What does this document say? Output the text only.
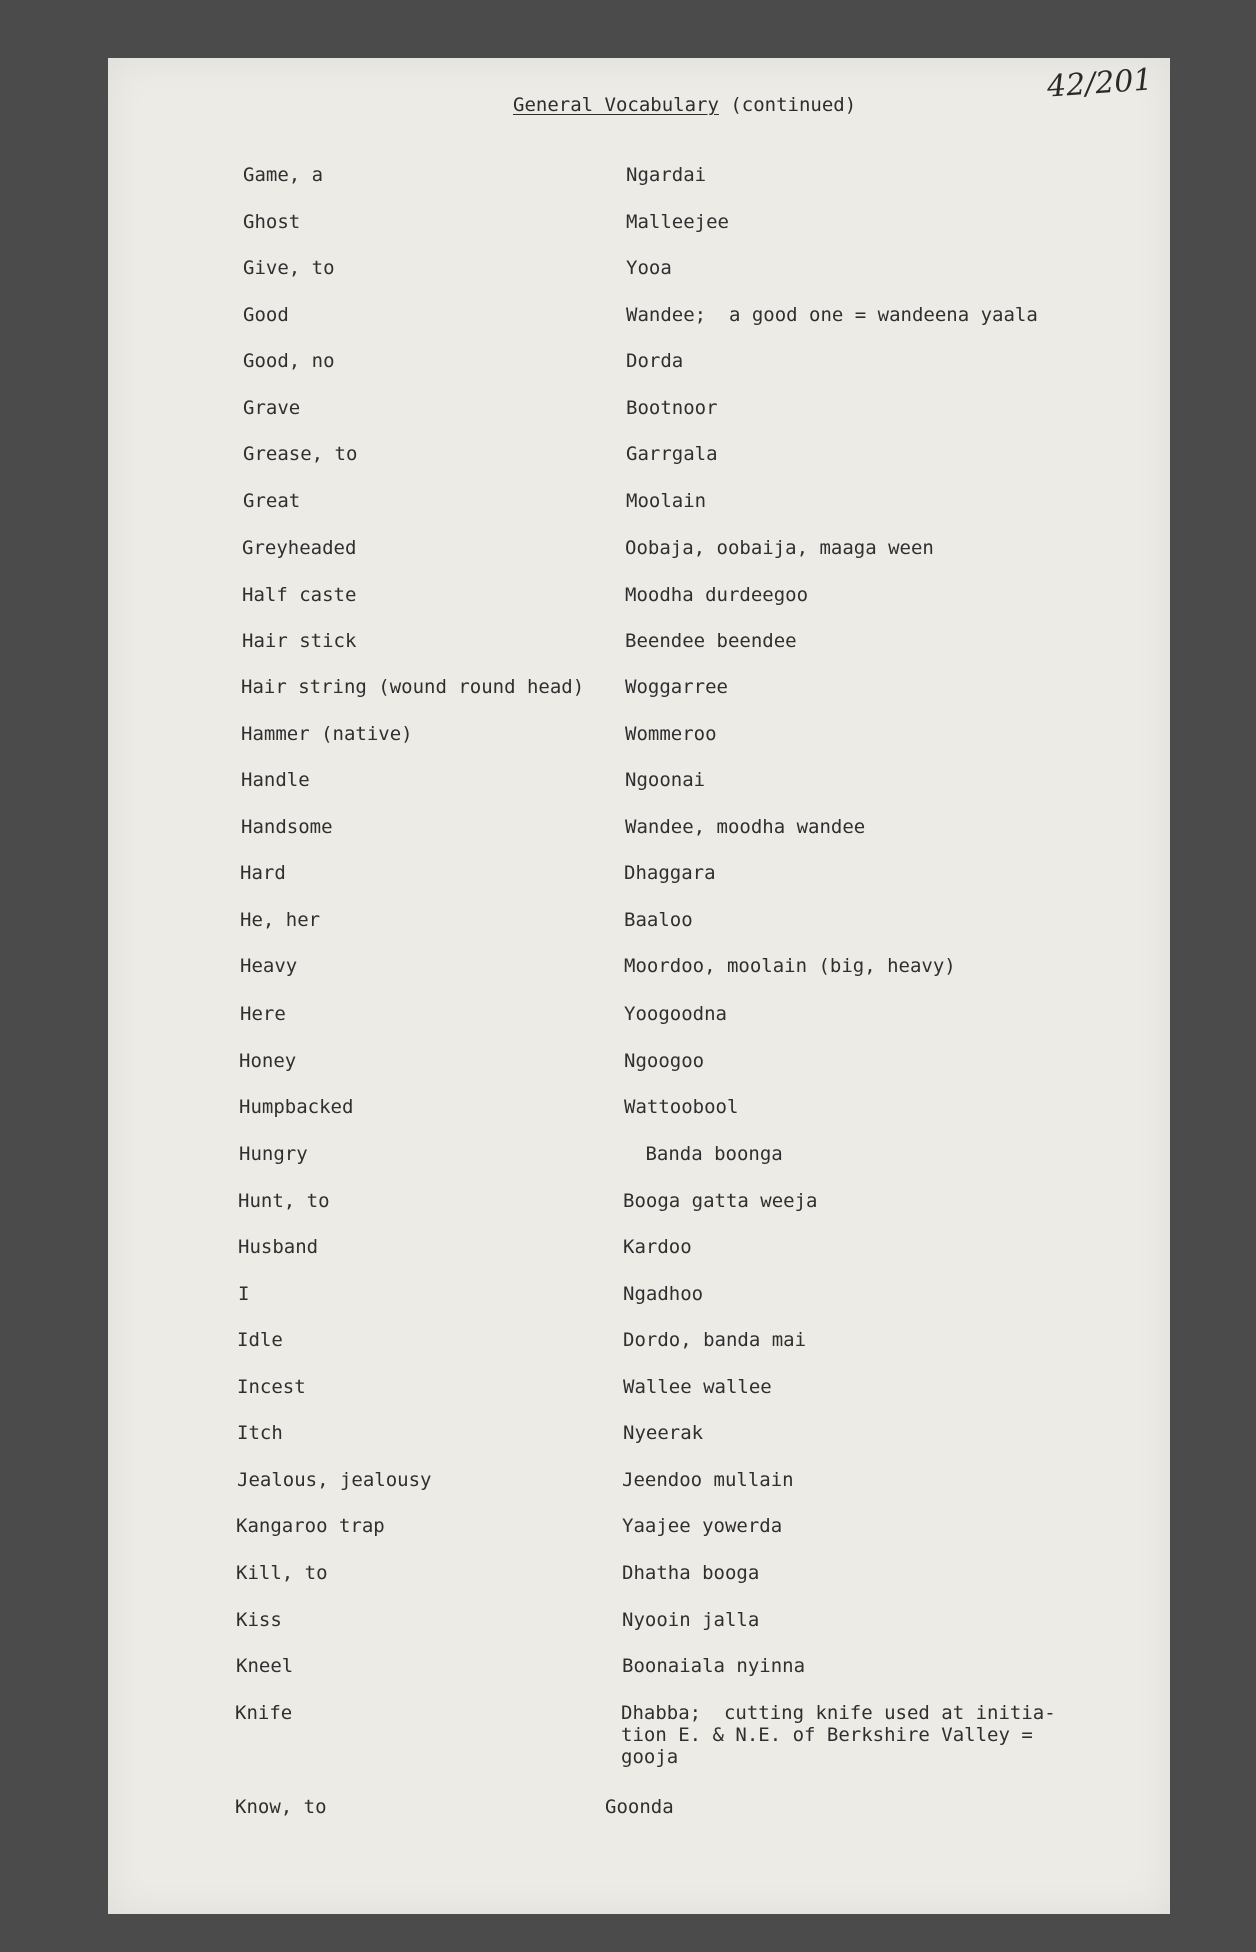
42/201
General Vocabulary (continued)
Game, a	Ngardai
Ghost	Malleejee
Give, to	Yooa
Good	Wandee;  a good one = wandeena yaala
Good, no	Dorda
Grave	Bootnoor
Grease, to	Garrgala
Great	Moolain
Greyheaded	Oobaja, oobaija, maaga ween
Half caste	Moodha durdeegoo
Hair stick	Beendee beendee
Hair string (wound round head) Woggarree
Hammer (native)	Wommeroo
Handle	Ngoonai
Handsome	Wandee, moodha wandee
Hard	Dhaggara
He, her	Baaloo
Heavy	Moordoo, moolain (big, heavy)
Here	Yoogoodna
Honey	Ngoogoo
Humpbacked	Wattoobool
Hungry	Banda boonga
Hunt, to	Booga gatta weeja
Husband	Kardoo
I	Ngadhoo
Idle	Dordo, banda mai
Incest	Wallee wallee
Itch	Nyeerak
Jealous, jealousy	Jeendoo mullain
Kangaroo trap	Yaajee yowerda
Kill, to	Dhatha booga
Kiss	Nyooin jalla
Kneel	Boonaiala nyinna
Knife	Dhabba;  cutting knife used at initia-
tion E. & N.E. of Berkshire Valley =
gooja
Know, to	Goonda
